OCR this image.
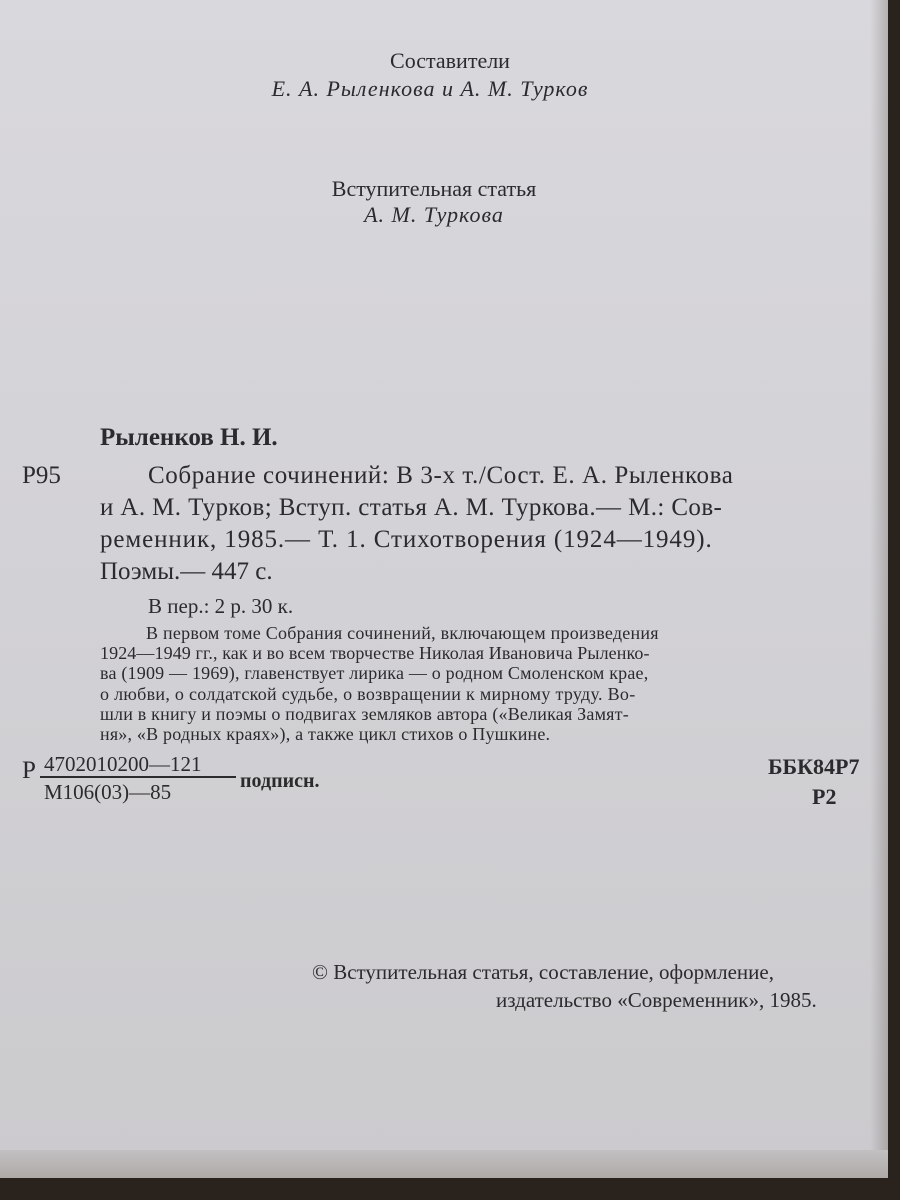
Составители
Е. А. Рыленкова и А. М. Турков
Вступительная статья
А. М. Туркова
Рыленков Н. И.
Р95	Собрание сочинений: В 3-х т./Сост. Е. А. Рыленкова
и А. М. Турков; Вступ. статья А. М. Туркова.— М.: Сов-
ременник, 1985.— Т. 1. Стихотворения (1924—1949).
Поэмы.— 447 с.
В пер.: 2 р. 30 к.
В первом томе Собрания сочинений, включающем произведения
1924—1949 гг., как и во всем творчестве Николая Ивановича Рыленко-
ва (1909 — 1969), главенствует лирика — о родном Смоленском крае,
о любви, о солдатской судьбе, о возвращении к мирному труду. Во-
шли в книгу и поэмы о подвигах земляков автора («Великая Замят-
ня», «В родных краях»), а также цикл стихов о Пушкине.
Р 4702010200—121
М106(03)—85	подписн.
ББК84Р7
Р2
© Вступительная статья, составление, оформление,
издательство «Современник», 1985.
